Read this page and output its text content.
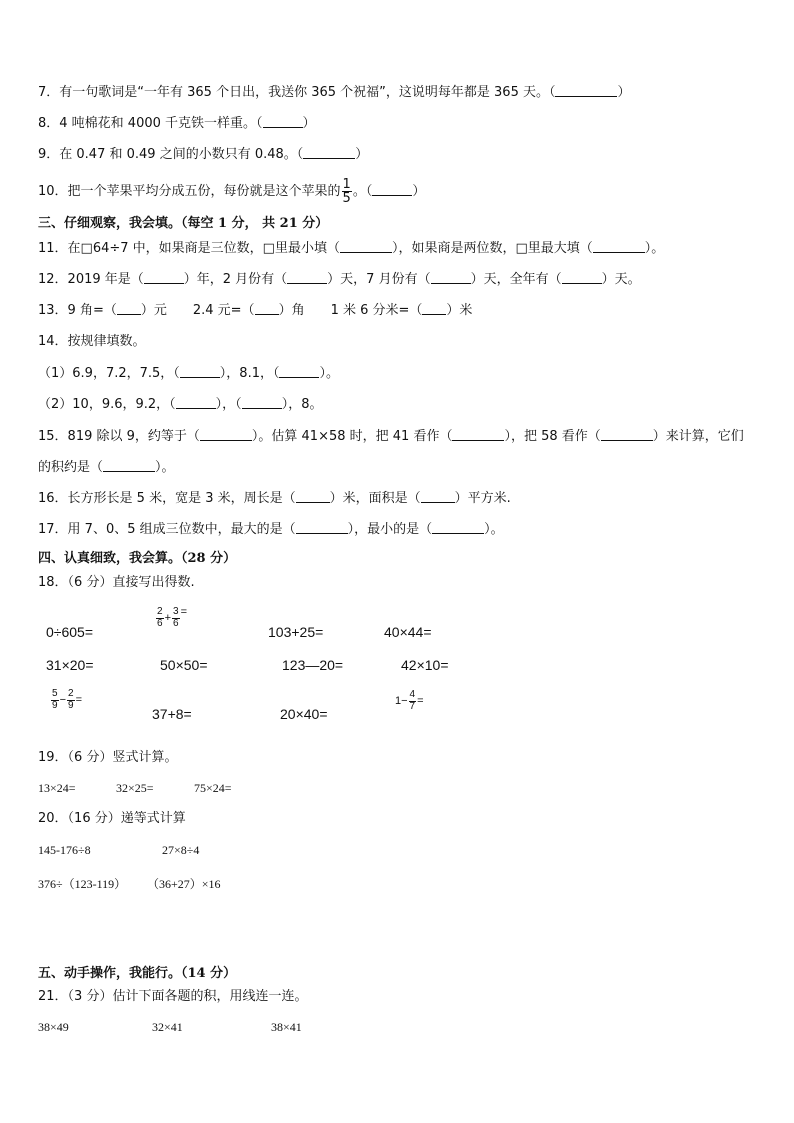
7．有一句歌词是“一年有 365 个日出，我送你 365 个祝福”，这说明每年都是 365 天。（	）
8．4 吨棉花和 4000 千克铁一样重。（	）
9．在 0.47 和 0.49 之间的小数只有 0.48。（	）
10．把一个苹果平均分成五份，每份就是这个苹果的 $\frac{1}{5}$ 。（	）
三、仔细观察，我会填。（每空 1 分， 共 21 分）
11．在□64÷7 中，如果商是三位数，□里最小填（	），如果商是两位数，□里最大填（	）。
12．2019 年是（	）年，2 月份有（	）天，7 月份有（	）天，全年有（	）天。
13．9 角=（ ）元 2.4 元=（ ）角 1 米 6 分米=（ ）米
14．按规律填数。
（1）6.9，7.2，7.5，（	），8.1，（	）。
（2）10，9.6，9.2，（	），（	），8。
15．819 除以 9，约等于（	）。估算 41×58 时，把 41 看作（	），把 58 看作（	）来计算，它们
的积约是（	）。
16．长方形长是 5 米，宽是 3 米，周长是（	）米，面积是（	）平方米.
17．用 7、0、5 组成三位数中，最大的是（	），最小的是（	）。
四、认真细致，我会算。（28 分）
18．（6 分）直接写出得数.
0÷605=
$\frac{2}{6} + \frac{3}{6}$ =
103+25=	40×44=
31×20=	50×50=	123—20=	42×10=
$\frac{5}{9} - \frac{2}{9}$ =
37+8=	20×40=
$1- \frac{4}{7}$ =
19．（6 分）竖式计算。
13×24=	32×25=	75×24=
20．（16 分）递等式计算
145-176÷8	27×8÷4
376÷（123-119） （36+27）×16
五、动手操作，我能行。（14 分）
21．（3 分）估计下面各题的积，用线连一连。
38×49	32×41	38×41
